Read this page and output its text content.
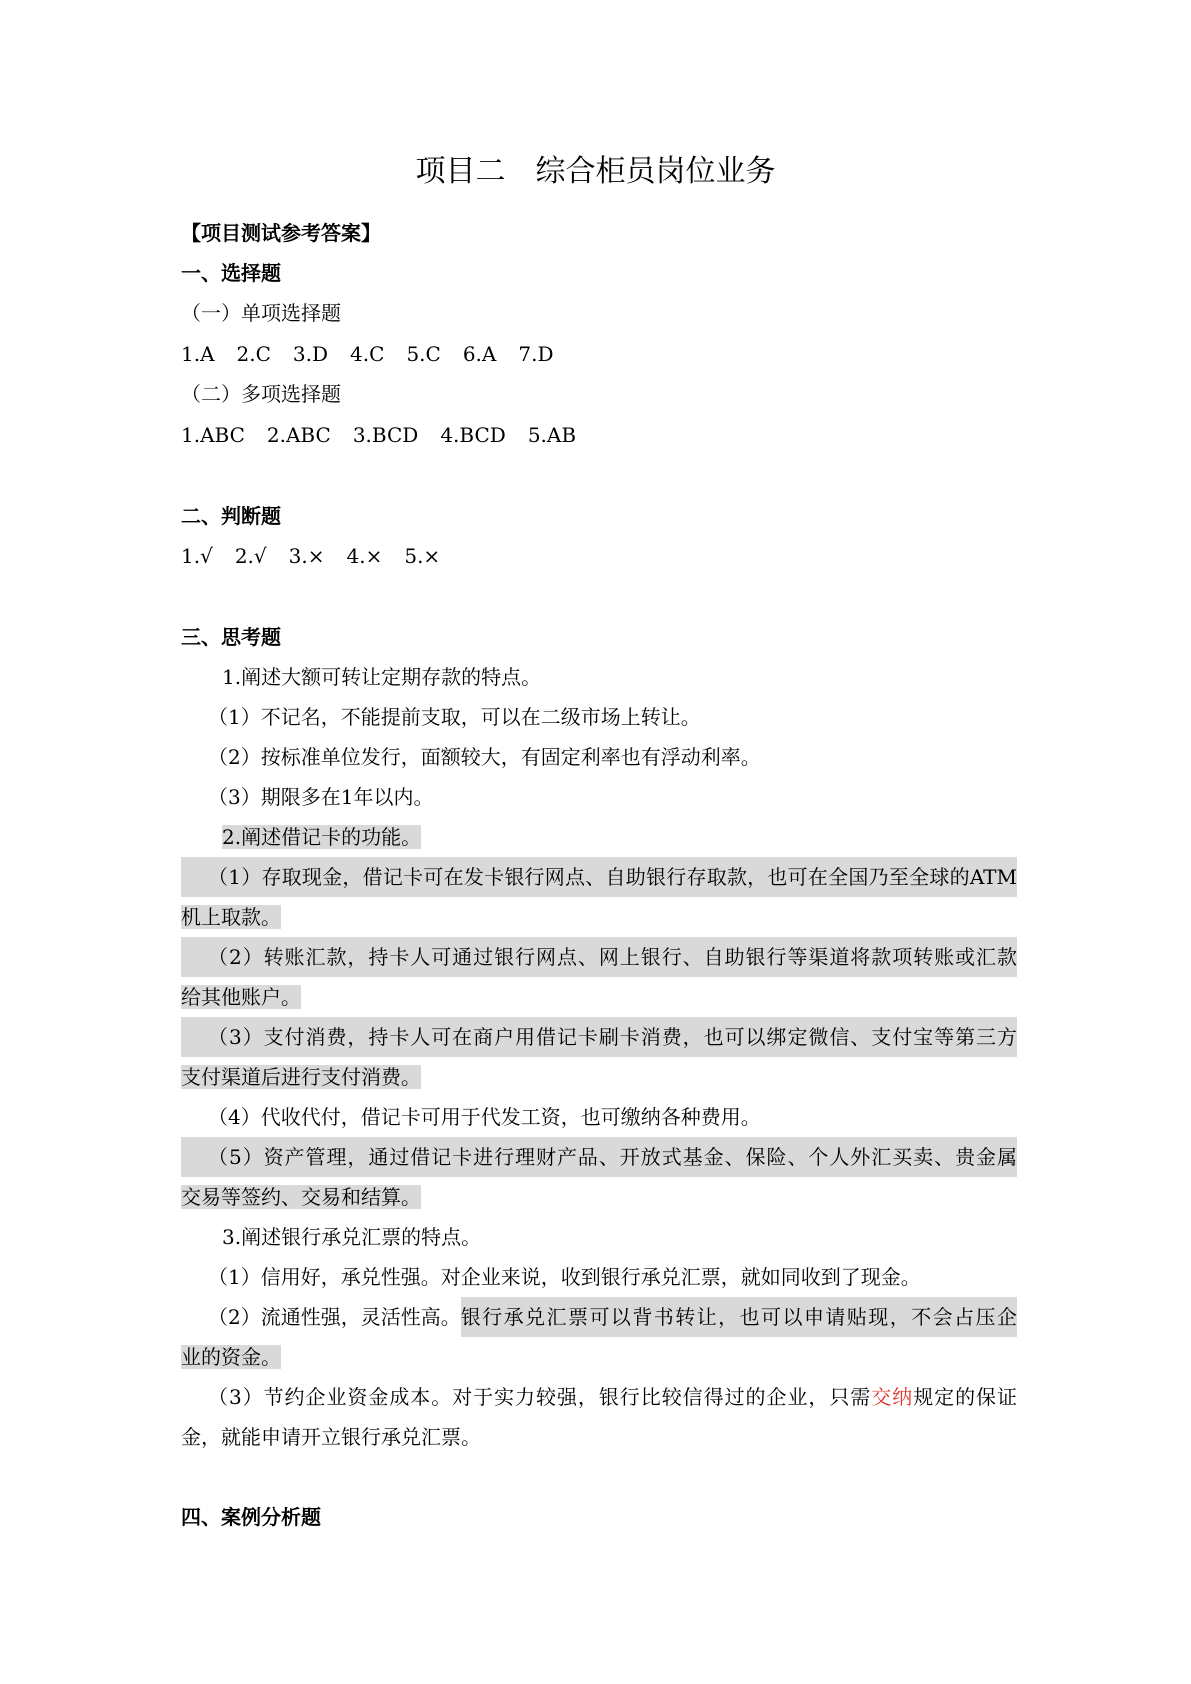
项目二　综合柜员岗位业务
【项目测试参考答案】
一、选择题
（一）单项选择题
1.A 2.C 3.D 4.C 5.C 6.A 7.D
（二）多项选择题
1.ABC 2.ABC 3.BCD 4.BCD 5.AB
二、判断题
1.√ 2.√ 3.× 4.× 5.×
三、思考题
1.阐述大额可转让定期存款的特点。
（1）不记名，不能提前支取，可以在二级市场上转让。
（2）按标准单位发行，面额较大，有固定利率也有浮动利率。
（3）期限多在1年以内。
2.阐述借记卡的功能。
（1）存取现金，借记卡可在发卡银行网点、自助银行存取款，也可在全国乃至全球的ATM
机上取款。
（2）转账汇款，持卡人可通过银行网点、网上银行、自助银行等渠道将款项转账或汇款
给其他账户。
（3）支付消费，持卡人可在商户用借记卡刷卡消费，也可以绑定微信、支付宝等第三方
支付渠道后进行支付消费。
（4）代收代付，借记卡可用于代发工资，也可缴纳各种费用。
（5）资产管理，通过借记卡进行理财产品、开放式基金、保险、个人外汇买卖、贵金属
交易等签约、交易和结算。
3.阐述银行承兑汇票的特点。
（1）信用好，承兑性强。对企业来说，收到银行承兑汇票，就如同收到了现金。
（2）流通性强，灵活性高。 银行承兑汇票可以背书转让，也可以申请贴现，不会占压企
业的资金。
（3）节约企业资金成本。对于实力较强，银行比较信得过的企业，只需交纳规定的保证
金，就能申请开立银行承兑汇票。
四、案例分析题
